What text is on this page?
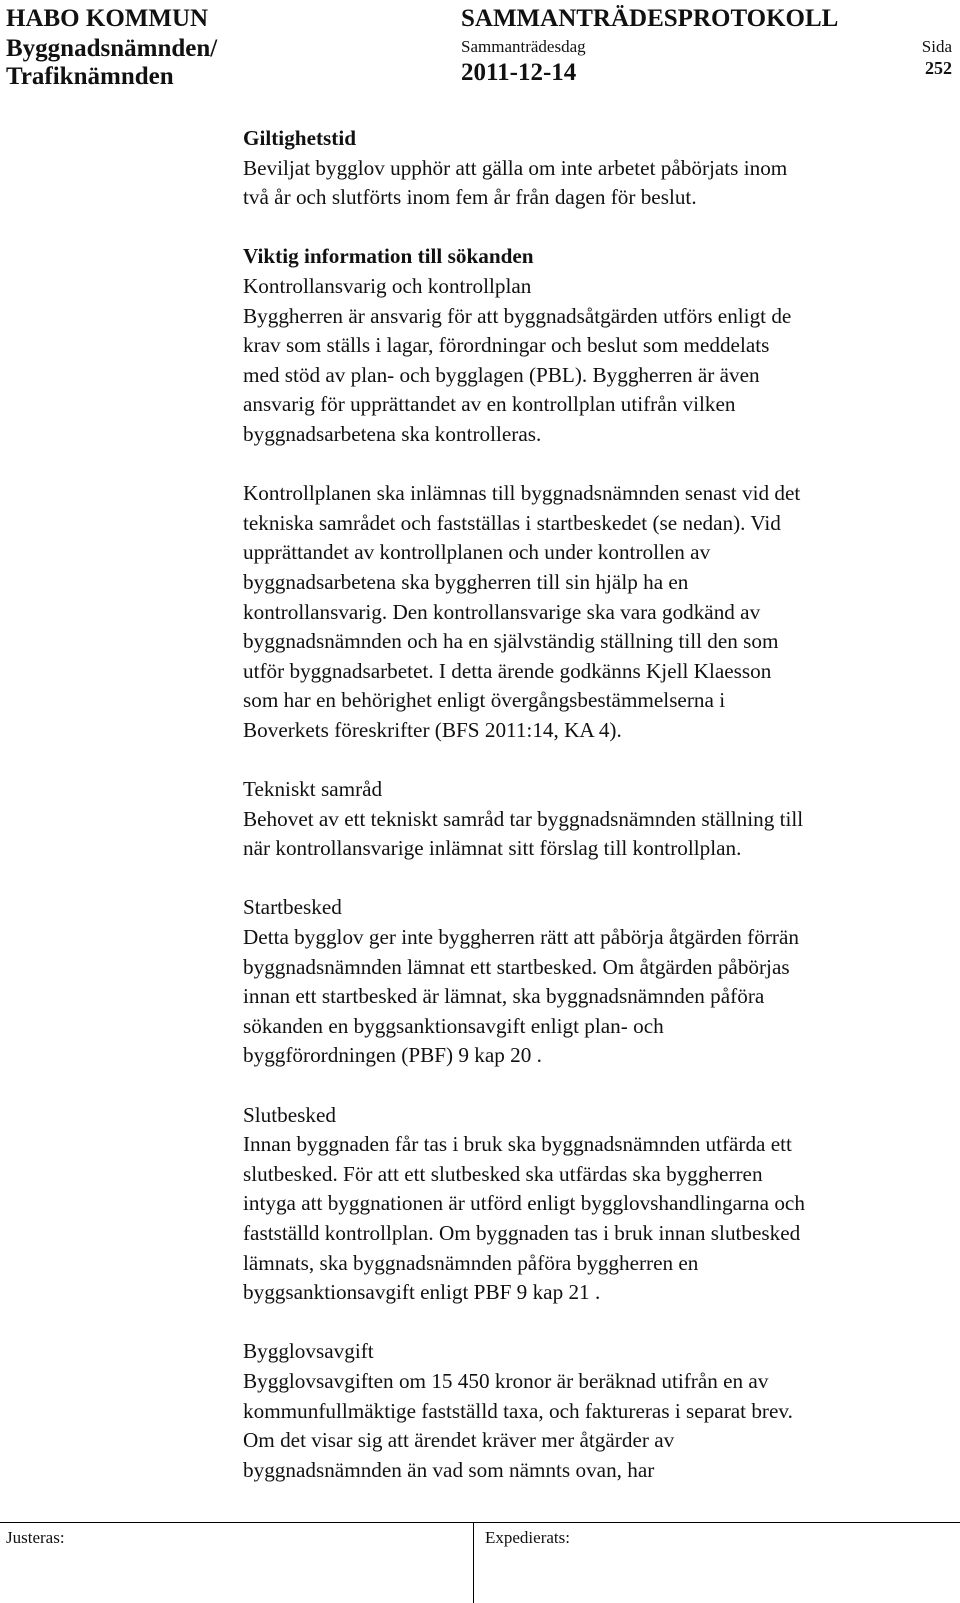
HABO KOMMUN
Byggnadsnämnden/
Trafiknämnden
SAMMANTRÄDESPROTOKOLL
Sammanträdesdag
2011-12-14
Sida
252
Giltighetstid
Beviljat bygglov upphör att gälla om inte arbetet påbörjats inom
två år och slutförts inom fem år från dagen för beslut.
Viktig information till sökanden
Kontrollansvarig och kontrollplan
Byggherren är ansvarig för att byggnadsåtgärden utförs enligt de
krav som ställs i lagar, förordningar och beslut som meddelats
med stöd av plan- och bygglagen (PBL). Byggherren är även
ansvarig för upprättandet av en kontrollplan utifrån vilken
byggnadsarbetena ska kontrolleras.
Kontrollplanen ska inlämnas till byggnadsnämnden senast vid det
tekniska samrådet och fastställas i startbeskedet (se nedan). Vid
upprättandet av kontrollplanen och under kontrollen av
byggnadsarbetena ska byggherren till sin hjälp ha en
kontrollansvarig. Den kontrollansvarige ska vara godkänd av
byggnadsnämnden och ha en självständig ställning till den som
utför byggnadsarbetet. I detta ärende godkänns Kjell Klaesson
som har en behörighet enligt övergångsbestämmelserna i
Boverkets föreskrifter (BFS 2011:14, KA 4).
Tekniskt samråd
Behovet av ett tekniskt samråd tar byggnadsnämnden ställning till
när kontrollansvarige inlämnat sitt förslag till kontrollplan.
Startbesked
Detta bygglov ger inte byggherren rätt att påbörja åtgärden förrän
byggnadsnämnden lämnat ett startbesked. Om åtgärden påbörjas
innan ett startbesked är lämnat, ska byggnadsnämnden påföra
sökanden en byggsanktionsavgift enligt plan- och
byggförordningen (PBF) 9 kap 20 .
Slutbesked
Innan byggnaden får tas i bruk ska byggnadsnämnden utfärda ett
slutbesked. För att ett slutbesked ska utfärdas ska byggherren
intyga att byggnationen är utförd enligt bygglovshandlingarna och
fastställd kontrollplan. Om byggnaden tas i bruk innan slutbesked
lämnats, ska byggnadsnämnden påföra byggherren en
byggsanktionsavgift enligt PBF 9 kap 21 .
Bygglovsavgift
Bygglovsavgiften om 15 450 kronor är beräknad utifrån en av
kommunfullmäktige fastställd taxa, och faktureras i separat brev.
Om det visar sig att ärendet kräver mer åtgärder av
byggnadsnämnden än vad som nämnts ovan, har
Justeras:	Expedierats:
